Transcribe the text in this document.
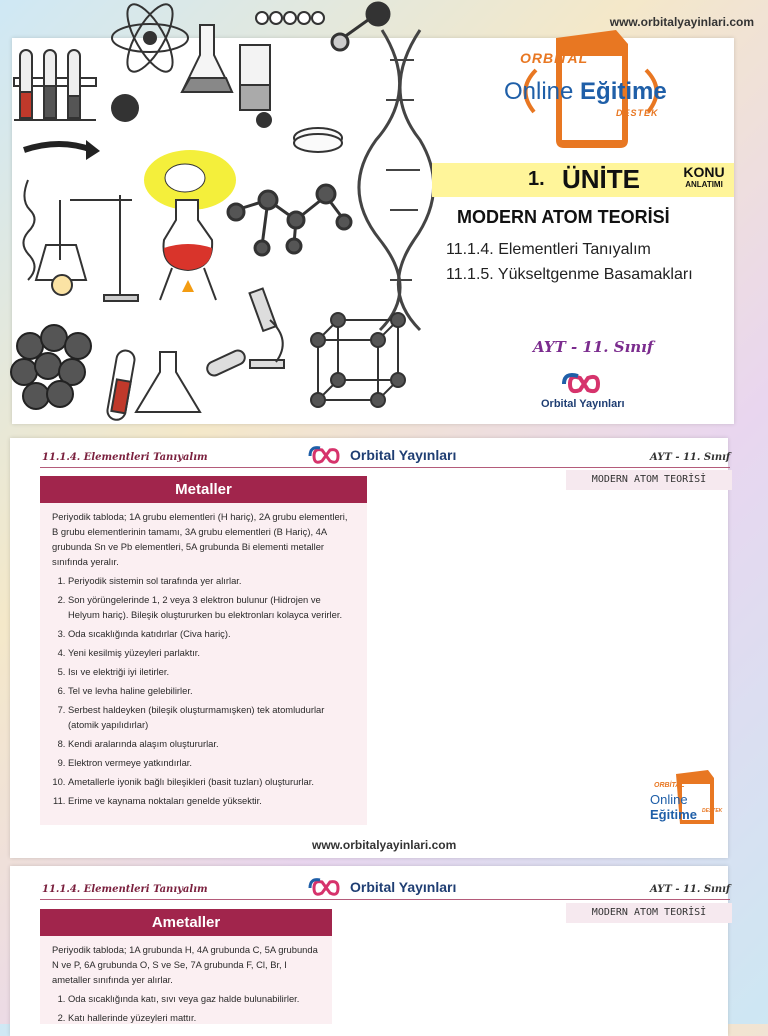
www.orbitalyayinlari.com
ORBİTAL
Online Eğitime
DESTEK
1. ÜNİTE	KONU
ANLATIMI
MODERN ATOM TEORİSİ
11.1.4. Elementleri Tanıyalım
11.1.5. Yükseltgenme Basamakları
AYT - 11. Sınıf
Orbital Yayınları
11.1.4. Elementleri Tanıyalım	Orbital Yayınları	AYT - 11. Sınıf
MODERN ATOM TEORİSİ
Metaller

Periyodik tabloda; 1A grubu elementleri (H hariç), 2A grubu elementleri, B grubu elementlerinin tamamı, 3A grubu elementleri (B Hariç), 4A grubunda Sn ve Pb elementleri, 5A grubunda Bi elementi metaller sınıfında yeralır.

1. Periyodik sistemin sol tarafında yer alırlar.
2. Son yörüngelerinde 1, 2 veya 3 elektron bulunur (Hidrojen ve Helyum hariç). Bileşik oluştururken bu elektronları kolayca verirler.
3. Oda sıcaklığında katıdırlar (Civa hariç).
4. Yeni kesilmiş yüzeyleri parlaktır.
5. Isı ve elektriği iyi iletirler.
6. Tel ve levha haline gelebilirler.
7. Serbest haldeyken (bileşik oluşturmamışken) tek atomludurlar (atomik yapılıdırlar)
8. Kendi aralarında alaşım oluştururlar.
9. Elektron vermeye yatkındırlar.
10. Ametallerle iyonik bağlı bileşikleri (basit tuzları) oluştururlar.
11. Erime ve kaynama noktaları genelde yüksektir.
ORBİTAL
Online Eğitime	DESTEK
www.orbitalyayinlari.com
11.1.4. Elementleri Tanıyalım	Orbital Yayınları	AYT - 11. Sınıf
MODERN ATOM TEORİSİ
Ametaller

Periyodik tabloda; 1A grubunda H, 4A grubunda C, 5A grubunda N ve P, 6A grubunda O, S ve Se, 7A grubunda F, Cl, Br, I ametaller sınıfında yer alırlar.

1. Oda sıcaklığında katı, sıvı veya gaz halde bulunabilirler.
2. Katı hallerinde yüzeyleri mattır.
